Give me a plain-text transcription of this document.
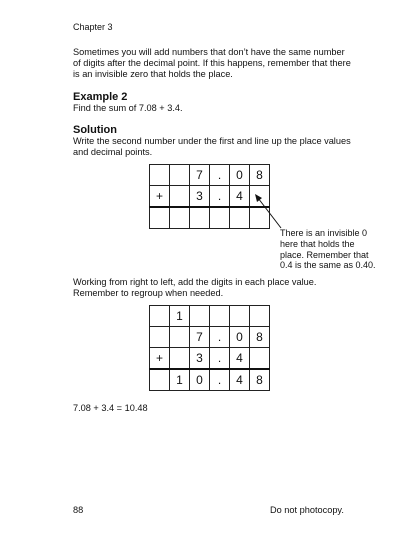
Chapter 3
Sometimes you will add numbers that don’t have the same number
of digits after the decimal point. If this happens, remember that there
is an invisible zero that holds the place.
Example 2
Find the sum of 7.08 + 3.4.
Solution
Write the second number under the first and line up the place values
and decimal points.
		7	.	0	8
+		3	.	4	

There is an invisible 0
here that holds the
place. Remember that
0.4 is the same as 0.40.
Working from right to left, add the digits in each place value.
Remember to regroup when needed.
	1				
		7	.	0	8
+		3	.	4	
	1	0	.	4	8
7.08 + 3.4 = 10.48
88	Do not photocopy.
